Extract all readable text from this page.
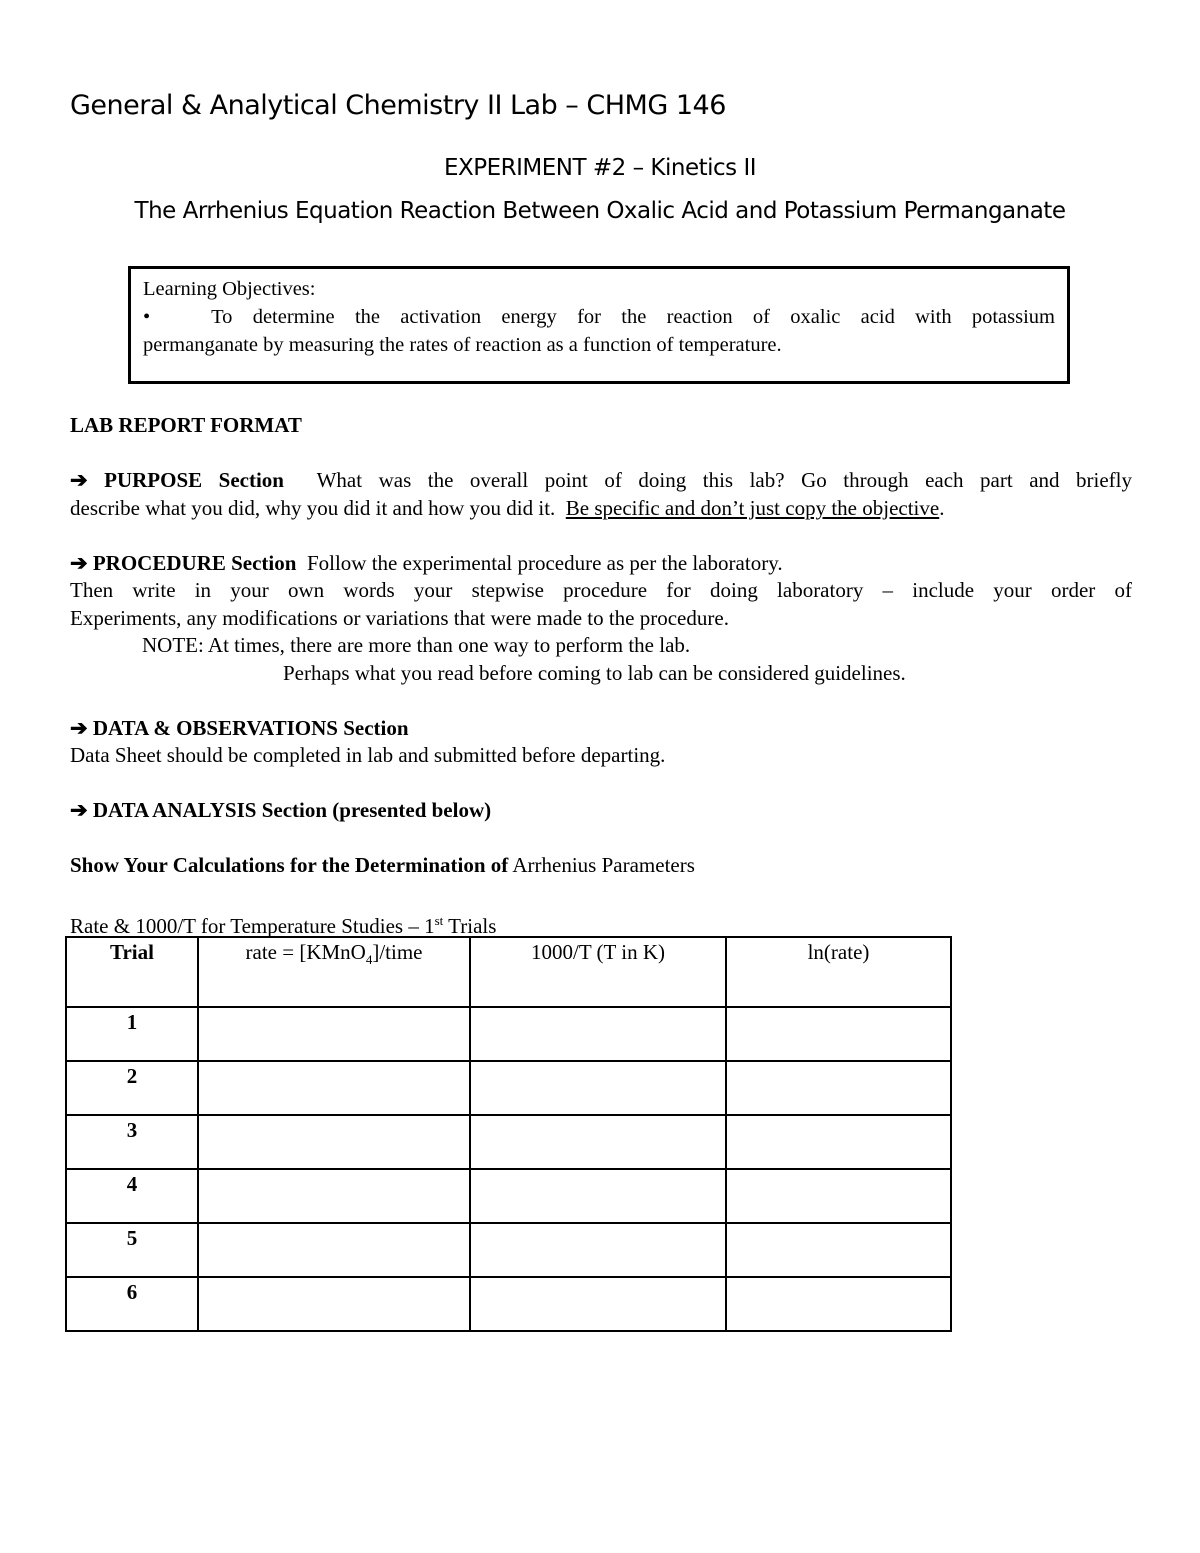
General & Analytical Chemistry II Lab – CHMG 146
EXPERIMENT #2 – Kinetics II
The Arrhenius Equation Reaction Between Oxalic Acid and Potassium Permanganate
Learning Objectives:
•	To determine the activation energy for the reaction of oxalic acid with potassium
permanganate by measuring the rates of reaction as a function of temperature.

LAB REPORT FORMAT

➔ PURPOSE Section What was the overall point of doing this lab? Go through each part and briefly

describe what you did, why you did it and how you did it. Be specific and don’t just copy the objective.

➔ PROCEDURE Section Follow the experimental procedure as per the laboratory.

Then write in your own words your stepwise procedure for doing laboratory – include your order of

Experiments, any modifications or variations that were made to the procedure.

NOTE: At times, there are more than one way to perform the lab.

Perhaps what you read before coming to lab can be considered guidelines.

➔ DATA & OBSERVATIONS Section

Data Sheet should be completed in lab and submitted before departing.

➔ DATA ANALYSIS Section (presented below)

Show Your Calculations for the Determination of Arrhenius Parameters

Rate & 1000/T for Temperature Studies – 1st Trials

Trial	rate = [KMnO$_4$]/time	1000/T (T in K)	ln(rate)
1			
2			
3			
4			
5			
6			
